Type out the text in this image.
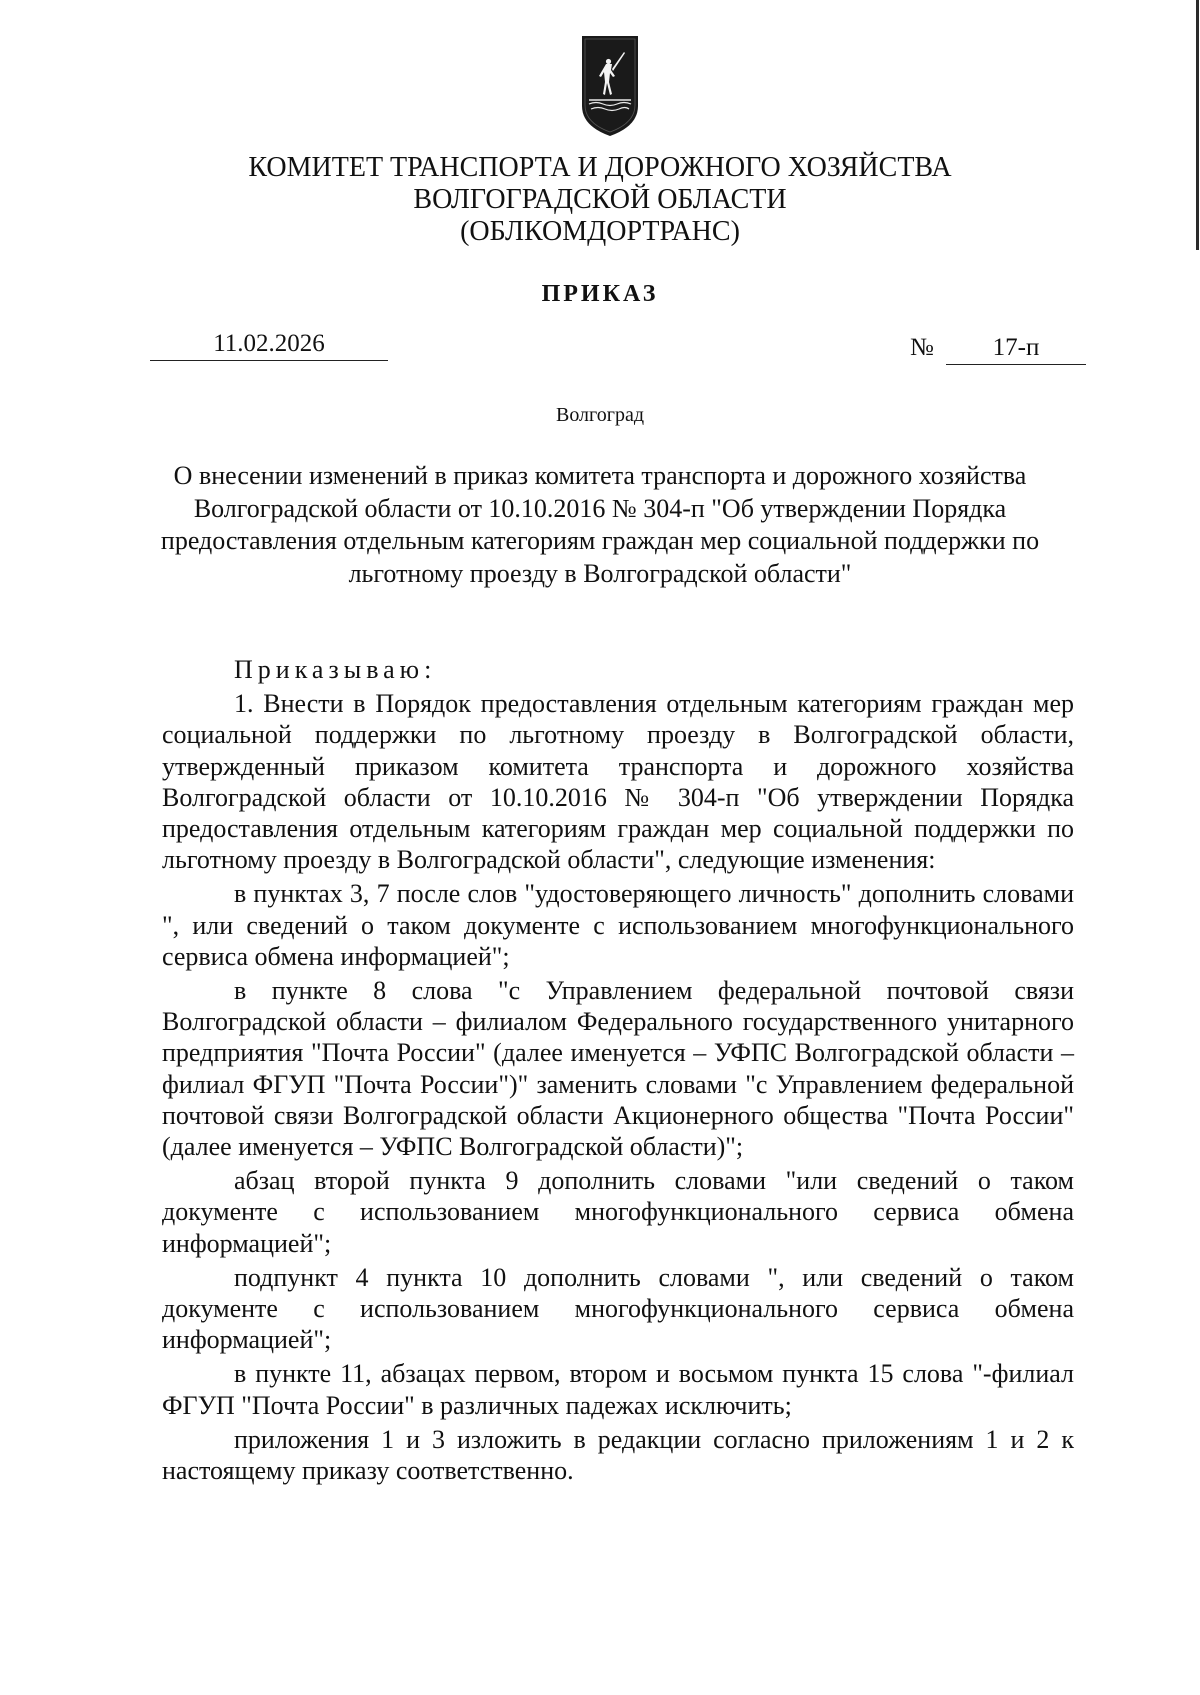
КОМИТЕТ ТРАНСПОРТА И ДОРОЖНОГО ХОЗЯЙСТВА
ВОЛГОГРАДСКОЙ ОБЛАСТИ
(ОБЛКОМДОРТРАНС)
ПРИКАЗ
11.02.2026	№	17-п
Волгоград
О внесении изменений в приказ комитета транспорта и дорожного хозяйства Волгоградской области от 10.10.2016 № 304-п "Об утверждении Порядка предоставления отдельным категориям граждан мер социальной поддержки по льготному проезду в Волгоградской области"

Приказываю:

1. Внести в Порядок предоставления отдельным категориям граждан мер социальной поддержки по льготному проезду в Волгоградской области, утвержденный приказом комитета транспорта и дорожного хозяйства Волгоградской области от 10.10.2016 № 304-п "Об утверждении Порядка предоставления отдельным категориям граждан мер социальной поддержки по льготному проезду в Волгоградской области", следующие изменения:

в пунктах 3, 7 после слов "удостоверяющего личность" дополнить словами ", или сведений о таком документе с использованием многофункционального сервиса обмена информацией";

в пункте 8 слова "с Управлением федеральной почтовой связи Волгоградской области – филиалом Федерального государственного унитарного предприятия "Почта России" (далее именуется – УФПС Волгоградской области – филиал ФГУП "Почта России")" заменить словами "с Управлением федеральной почтовой связи Волгоградской области Акционерного общества "Почта России" (далее именуется – УФПС Волгоградской области)";

абзац второй пункта 9 дополнить словами "или сведений о таком документе с использованием многофункционального сервиса обмена информацией";

подпункт 4 пункта 10 дополнить словами ", или сведений о таком документе с использованием многофункционального сервиса обмена информацией";

в пункте 11, абзацах первом, втором и восьмом пункта 15 слова "-филиал ФГУП "Почта России" в различных падежах исключить;

приложения 1 и 3 изложить в редакции согласно приложениям 1 и 2 к настоящему приказу соответственно.
